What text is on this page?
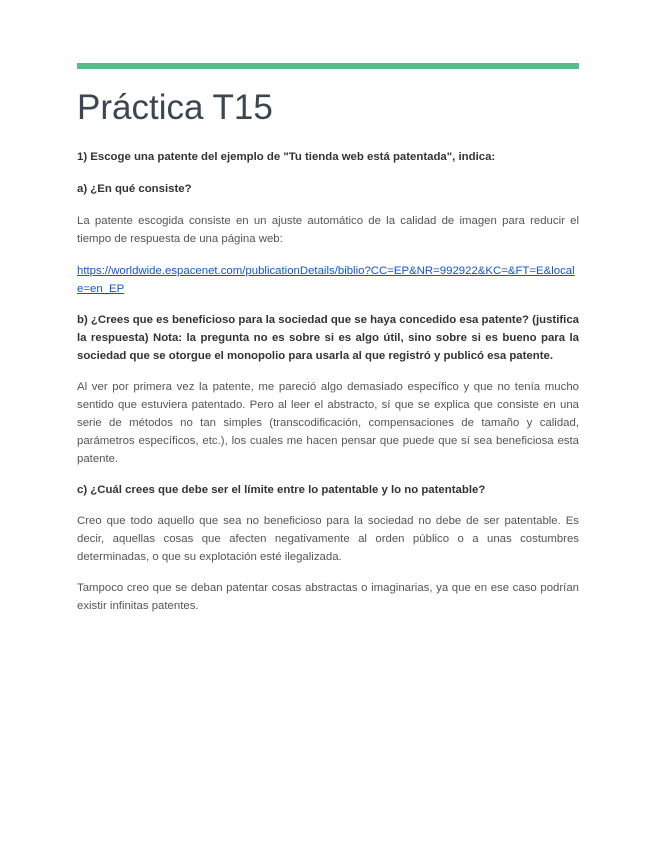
Práctica T15

1) Escoge una patente del ejemplo de "Tu tienda web está patentada", indica:

a) ¿En qué consiste?

La patente escogida consiste en un ajuste automático de la calidad de imagen para reducir el tiempo de respuesta de una página web:

https://worldwide.espacenet.com/publicationDetails/biblio?CC=EP&NR=992922&KC=&FT=E&locale=en_EP

b) ¿Crees que es beneficioso para la sociedad que se haya concedido esa patente? (justifica la respuesta) Nota: la pregunta no es sobre si es algo útil, sino sobre si es bueno para la sociedad que se otorgue el monopolio para usarla al que registró y publicó esa patente.

Al ver por primera vez la patente, me pareció algo demasiado específico y que no tenía mucho sentido que estuviera patentado. Pero al leer el abstracto, sí que se explica que consiste en una serie de métodos no tan simples (transcodificación, compensaciones de tamaño y calidad, parámetros específicos, etc.), los cuales me hacen pensar que puede que sí sea beneficiosa esta patente.

c) ¿Cuál crees que debe ser el límite entre lo patentable y lo no patentable?

Creo que todo aquello que sea no beneficioso para la sociedad no debe de ser patentable. Es decir, aquellas cosas que afecten negativamente al orden público o a unas costumbres determinadas, o que su explotación esté ilegalizada.

Tampoco creo que se deban patentar cosas abstractas o imaginarias, ya que en ese caso podrían existir infinitas patentes.
